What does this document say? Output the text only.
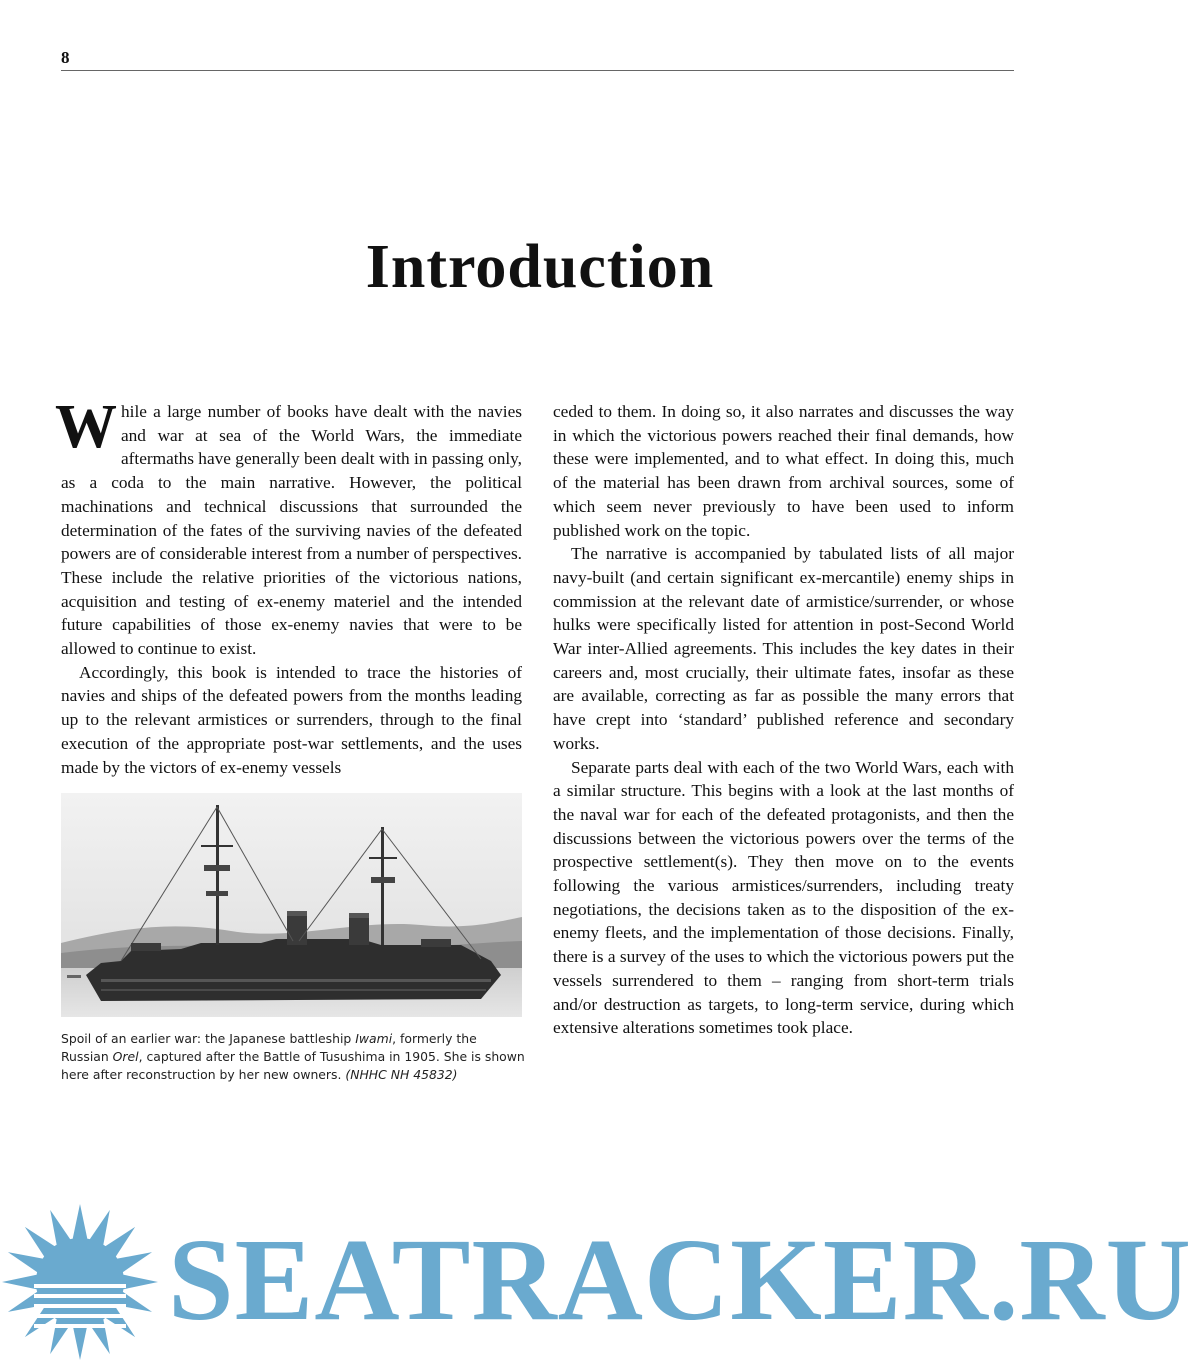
8
Introduction

While a large number of books have dealt with the navies and war at sea of the World Wars, the immediate aftermaths have generally been dealt with in passing only, as a coda to the main narrative. However, the political machinations and technical discussions that surrounded the determination of the fates of the surviving navies of the defeated powers are of considerable interest from a number of perspectives. These include the relative priorities of the victorious nations, acquisition and testing of ex-enemy materiel and the intended future capabilities of those ex-enemy navies that were to be allowed to continue to exist.

Accordingly, this book is intended to trace the histories of navies and ships of the defeated powers from the months leading up to the relevant armistices or surrenders, through to the final execution of the appropriate post-war settlements, and the uses made by the victors of ex-enemy vessels

ceded to them. In doing so, it also narrates and discusses the way in which the victorious powers reached their final demands, how these were implemented, and to what effect. In doing this, much of the material has been drawn from archival sources, some of which seem never previously to have been used to inform published work on the topic.

The narrative is accompanied by tabulated lists of all major navy-built (and certain significant ex-mercantile) enemy ships in commission at the relevant date of armistice/surrender, or whose hulks were specifically listed for attention in post-Second World War inter-Allied agreements. This includes the key dates in their careers and, most crucially, their ultimate fates, insofar as these are available, correcting as far as possible the many errors that have crept into ‘standard’ published reference and secondary works.

Separate parts deal with each of the two World Wars, each with a similar structure. This begins with a look at the last months of the naval war for each of the defeated protagonists, and then the discussions between the victorious powers over the terms of the prospective settlement(s). They then move on to the events following the various armistices/surrenders, including treaty negotiations, the decisions taken as to the disposition of the ex-enemy fleets, and the implementation of those decisions. Finally, there is a survey of the uses to which the victorious powers put the vessels surrendered to them – ranging from short-term trials and/or destruction as targets, to long-term service, during which extensive alterations sometimes took place.

Spoil of an earlier war: the Japanese battleship Iwami, formerly the Russian Orel, captured after the Battle of Tusushima in 1905. She is shown here after reconstruction by her new owners. (NHHC NH 45832)
SEATRACKER.RU
